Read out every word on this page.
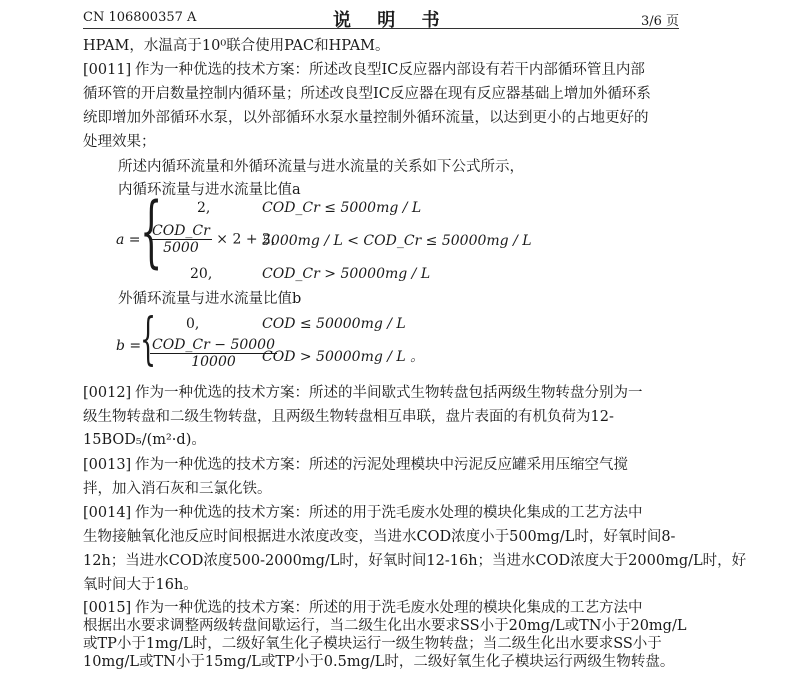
CN 106800357 A	说 明 书	3/6 页
HPAM，水温高于10⁰联合使用PAC和HPAM。
[0011] 作为一种优选的技术方案：所述改良型IC反应器内部设有若干内部循环管且内部
循环管的开启数量控制内循环量；所述改良型IC反应器在现有反应器基础上增加外循环系
统即增加外部循环水泵，以外部循环水泵水量控制外循环流量，以达到更小的占地更好的
处理效果；
所述内循环流量和外循环流量与进水流量的关系如下公式所示，
内循环流量与进水流量比值a
a = { 2,	COD_Cr ≤ 5000mg / L
$\frac{\text{COD\_Cr}}{5000} \times 2 + 2$,
5000mg / L < COD_Cr ≤ 50000mg / L
20,	COD_Cr > 50000mg / L
外循环流量与进水流量比值b
b =
{ 0,	COD ≤ 50000mg / L
$\frac{\text{COD\_Cr − 50000}}{10000}$
COD > 50000mg / L 。
[0012] 作为一种优选的技术方案：所述的半间歇式生物转盘包括两级生物转盘分别为一
级生物转盘和二级生物转盘，且两级生物转盘相互串联，盘片表面的有机负荷为12-
15BOD₅/(m²·d)。
[0013] 作为一种优选的技术方案：所述的污泥处理模块中污泥反应罐采用压缩空气搅
拌，加入消石灰和三氯化铁。
[0014] 作为一种优选的技术方案：所述的用于洗毛废水处理的模块化集成的工艺方法中
生物接触氧化池反应时间根据进水浓度改变，当进水COD浓度小于500mg/L时，好氧时间8-
12h；当进水COD浓度500-2000mg/L时，好氧时间12-16h；当进水COD浓度大于2000mg/L时，好
氧时间大于16h。
[0015] 作为一种优选的技术方案：所述的用于洗毛废水处理的模块化集成的工艺方法中
根据出水要求调整两级转盘间歇运行，当二级生化出水要求SS小于20mg/L或TN小于20mg/L
或TP小于1mg/L时，二级好氧生化子模块运行一级生物转盘；当二级生化出水要求SS小于
10mg/L或TN小于15mg/L或TP小于0.5mg/L时，二级好氧生化子模块运行两级生物转盘。
